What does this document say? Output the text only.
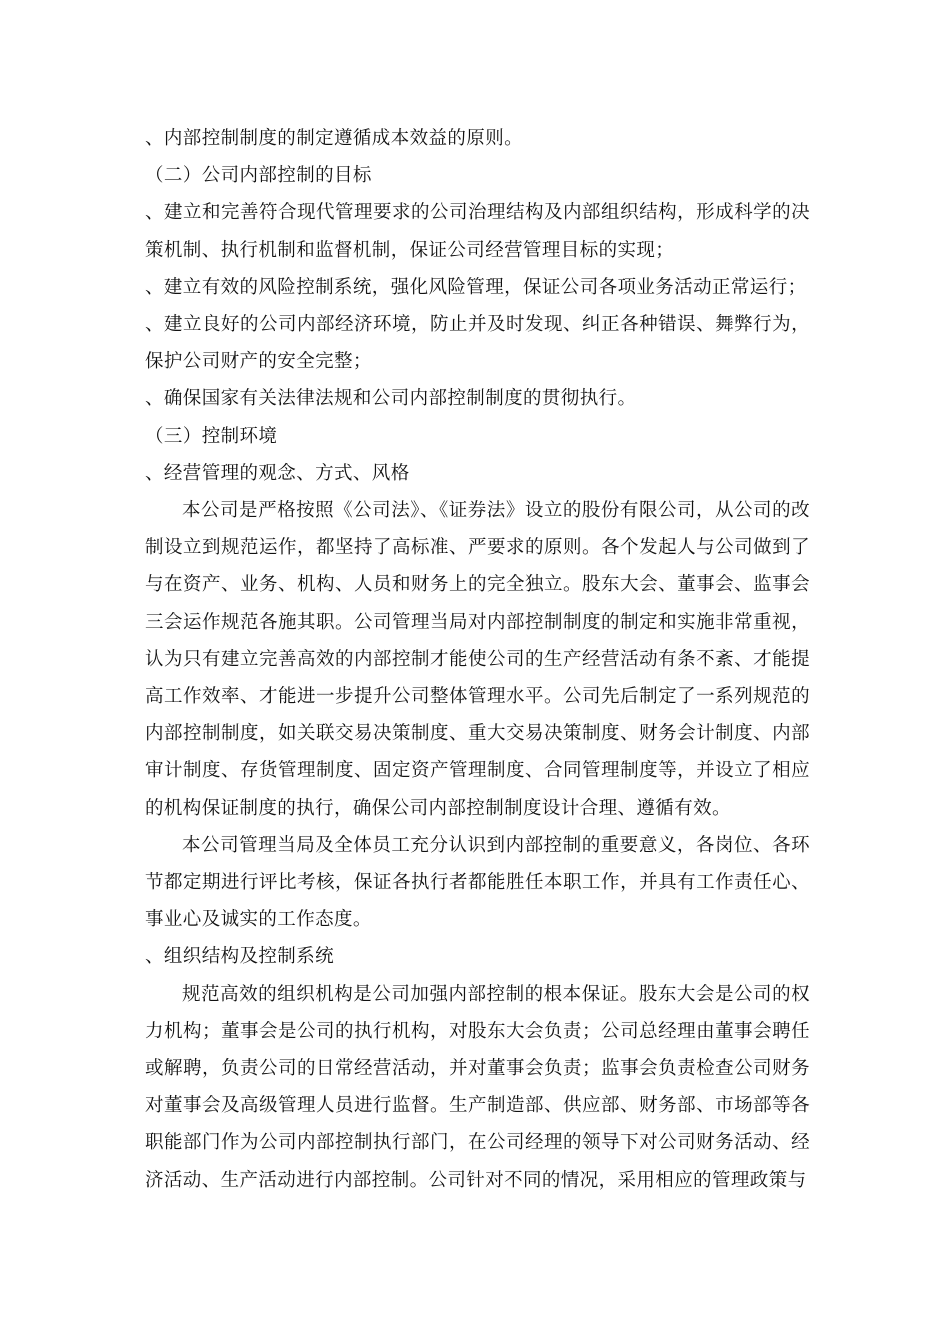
、内部控制制度的制定遵循成本效益的原则。

（二）公司内部控制的目标

、建立和完善符合现代管理要求的公司治理结构及内部组织结构，形成科学的决策机制、执行机制和监督机制，保证公司经营管理目标的实现；

、建立有效的风险控制系统，强化风险管理，保证公司各项业务活动正常运行；

、建立良好的公司内部经济环境，防止并及时发现、纠正各种错误、舞弊行为，保护公司财产的安全完整；

、确保国家有关法律法规和公司内部控制制度的贯彻执行。

（三）控制环境

、经营管理的观念、方式、风格

本公司是严格按照《公司法》、《证券法》设立的股份有限公司，从公司的改制设立到规范运作，都坚持了高标准、严要求的原则。各个发起人与公司做到了与在资产、业务、机构、人员和财务上的完全独立。股东大会、董事会、监事会三会运作规范各施其职。公司管理当局对内部控制制度的制定和实施非常重视，认为只有建立完善高效的内部控制才能使公司的生产经营活动有条不紊、才能提高工作效率、才能进一步提升公司整体管理水平。公司先后制定了一系列规范的内部控制制度，如关联交易决策制度、重大交易决策制度、财务会计制度、内部审计制度、存货管理制度、固定资产管理制度、合同管理制度等，并设立了相应的机构保证制度的执行，确保公司内部控制制度设计合理、遵循有效。

本公司管理当局及全体员工充分认识到内部控制的重要意义，各岗位、各环节都定期进行评比考核，保证各执行者都能胜任本职工作，并具有工作责任心、事业心及诚实的工作态度。

、组织结构及控制系统

规范高效的组织机构是公司加强内部控制的根本保证。股东大会是公司的权力机构；董事会是公司的执行机构，对股东大会负责；公司总经理由董事会聘任或解聘，负责公司的日常经营活动，并对董事会负责；监事会负责检查公司财务对董事会及高级管理人员进行监督。生产制造部、供应部、财务部、市场部等各职能部门作为公司内部控制执行部门，在公司经理的领导下对公司财务活动、经济活动、生产活动进行内部控制。公司针对不同的情况，采用相应的管理政策与
